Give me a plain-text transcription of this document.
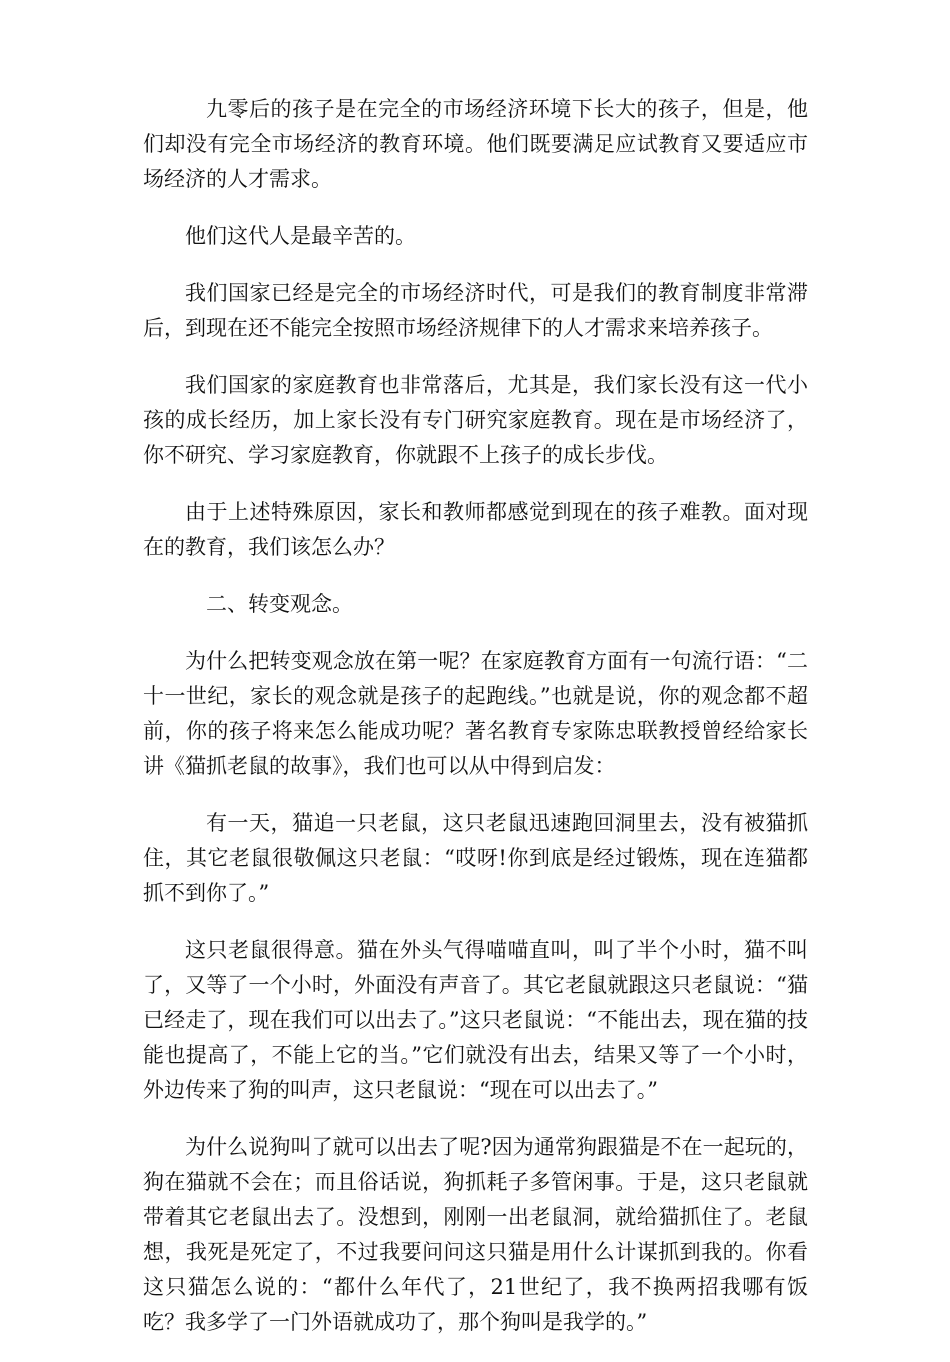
九零后的孩子是在完全的市场经济环境下长大的孩子，但是，他们却没有完全市场经济的教育环境。他们既要满足应试教育又要适应市场经济的人才需求。

他们这代人是最辛苦的。

我们国家已经是完全的市场经济时代，可是我们的教育制度非常滞后，到现在还不能完全按照市场经济规律下的人才需求来培养孩子。

我们国家的家庭教育也非常落后，尤其是，我们家长没有这一代小孩的成长经历，加上家长没有专门研究家庭教育。现在是市场经济了，你不研究、学习家庭教育，你就跟不上孩子的成长步伐。

由于上述特殊原因，家长和教师都感觉到现在的孩子难教。面对现在的教育，我们该怎么办？

二、转变观念。

为什么把转变观念放在第一呢？在家庭教育方面有一句流行语：“二十一世纪，家长的观念就是孩子的起跑线。”也就是说，你的观念都不超前，你的孩子将来怎么能成功呢？著名教育专家陈忠联教授曾经给家长讲《猫抓老鼠的故事》，我们也可以从中得到启发：

有一天，猫追一只老鼠，这只老鼠迅速跑回洞里去，没有被猫抓住，其它老鼠很敬佩这只老鼠：“哎呀!你到底是经过锻炼，现在连猫都抓不到你了。”

这只老鼠很得意。猫在外头气得喵喵直叫，叫了半个小时，猫不叫了，又等了一个小时，外面没有声音了。其它老鼠就跟这只老鼠说：“猫已经走了，现在我们可以出去了。”这只老鼠说：“不能出去，现在猫的技能也提高了，不能上它的当。”它们就没有出去，结果又等了一个小时，外边传来了狗的叫声，这只老鼠说：“现在可以出去了。”

为什么说狗叫了就可以出去了呢?因为通常狗跟猫是不在一起玩的，狗在猫就不会在；而且俗话说，狗抓耗子多管闲事。于是，这只老鼠就带着其它老鼠出去了。没想到，刚刚一出老鼠洞，就给猫抓住了。老鼠想，我死是死定了，不过我要问问这只猫是用什么计谋抓到我的。你看这只猫怎么说的：“都什么年代了，21世纪了，我不换两招我哪有饭吃？我多学了一门外语就成功了，那个狗叫是我学的。”
